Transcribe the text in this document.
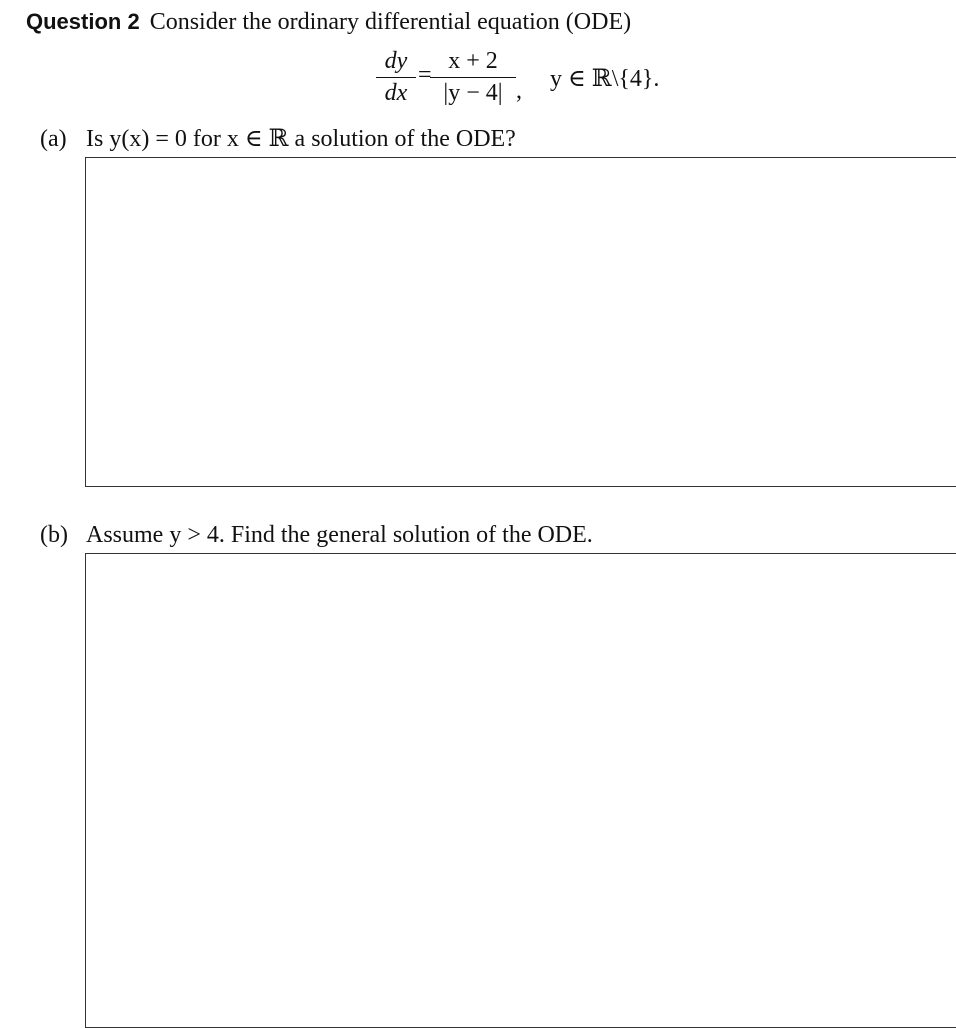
Question 2 Consider the ordinary differential equation (ODE)
dy
dx
=
x + 2
|y − 4| , y ∈ ℝ\{4}.
(a) Is y(x) = 0 for x ∈ ℝ a solution of the ODE?
(b) Assume y > 4. Find the general solution of the ODE.
